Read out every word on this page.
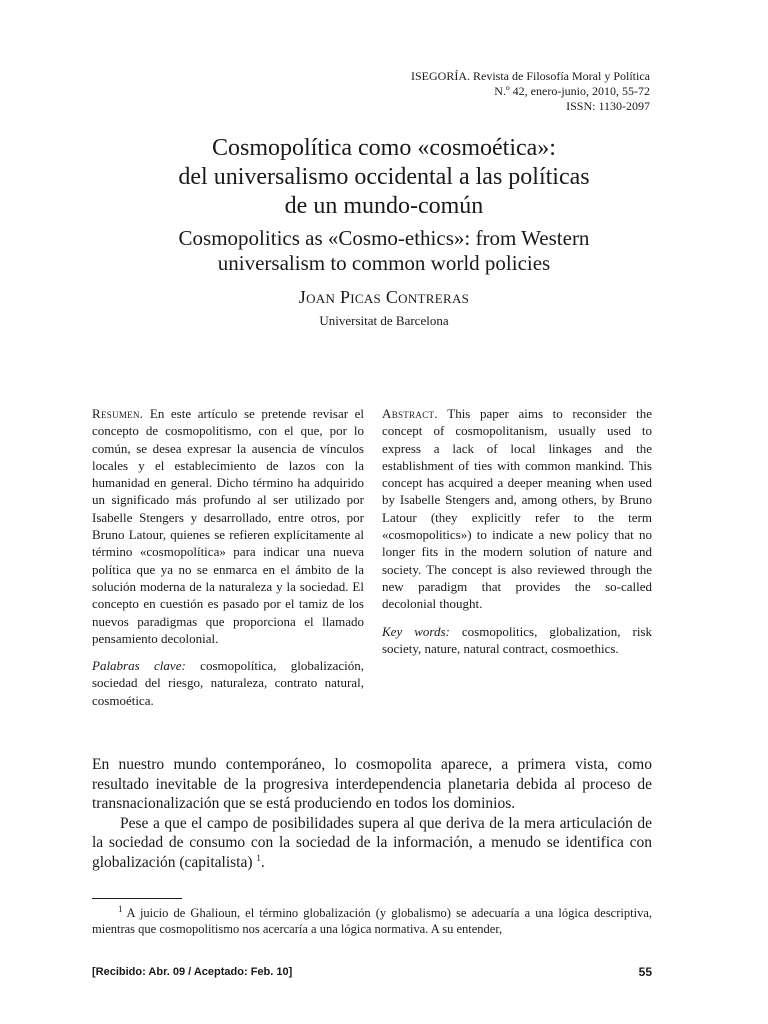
ISEGORÍA. Revista de Filosofía Moral y Política
N.º 42, enero-junio, 2010, 55-72
ISSN: 1130-2097
Cosmopolítica como «cosmoética»:
del universalismo occidental a las políticas
de un mundo-común
Cosmopolitics as «Cosmo-ethics»: from Western
universalism to common world policies
Joan Picas Contreras
Universitat de Barcelona

Resumen. En este artículo se pretende revisar el concepto de cosmopolitismo, con el que, por lo común, se desea expresar la ausencia de vínculos locales y el establecimiento de lazos con la humanidad en general. Dicho término ha adquirido un significado más profundo al ser utilizado por Isabelle Stengers y desarrollado, entre otros, por Bruno Latour, quienes se refieren explícitamente al término «cosmopolítica» para indicar una nueva política que ya no se enmarca en el ámbito de la solución moderna de la naturaleza y la sociedad. El concepto en cuestión es pasado por el tamiz de los nuevos paradigmas que proporciona el llamado pensamiento decolonial.

Palabras clave: cosmopolítica, globalización, sociedad del riesgo, naturaleza, contrato natural, cosmoética.

Abstract. This paper aims to reconsider the concept of cosmopolitanism, usually used to express a lack of local linkages and the establishment of ties with common mankind. This concept has acquired a deeper meaning when used by Isabelle Stengers and, among others, by Bruno Latour (they explicitly refer to the term «cosmopolitics») to indicate a new policy that no longer fits in the modern solution of nature and society. The concept is also reviewed through the new paradigm that provides the so-called decolonial thought.

Key words: cosmopolitics, globalization, risk society, nature, natural contract, cosmoethics.

En nuestro mundo contemporáneo, lo cosmopolita aparece, a primera vista, como resultado inevitable de la progresiva interdependencia planetaria debida al proceso de transnacionalización que se está produciendo en todos los dominios.

Pese a que el campo de posibilidades supera al que deriva de la mera articulación de la sociedad de consumo con la sociedad de la información, a menudo se identifica con globalización (capitalista) $^1$.

$^1$ A juicio de Ghalioun, el término globalización (y globalismo) se adecuaría a una lógica descriptiva, mientras que cosmopolitismo nos acercaría a una lógica normativa. A su entender,
[Recibido: Abr. 09 / Aceptado: Feb. 10]	55
